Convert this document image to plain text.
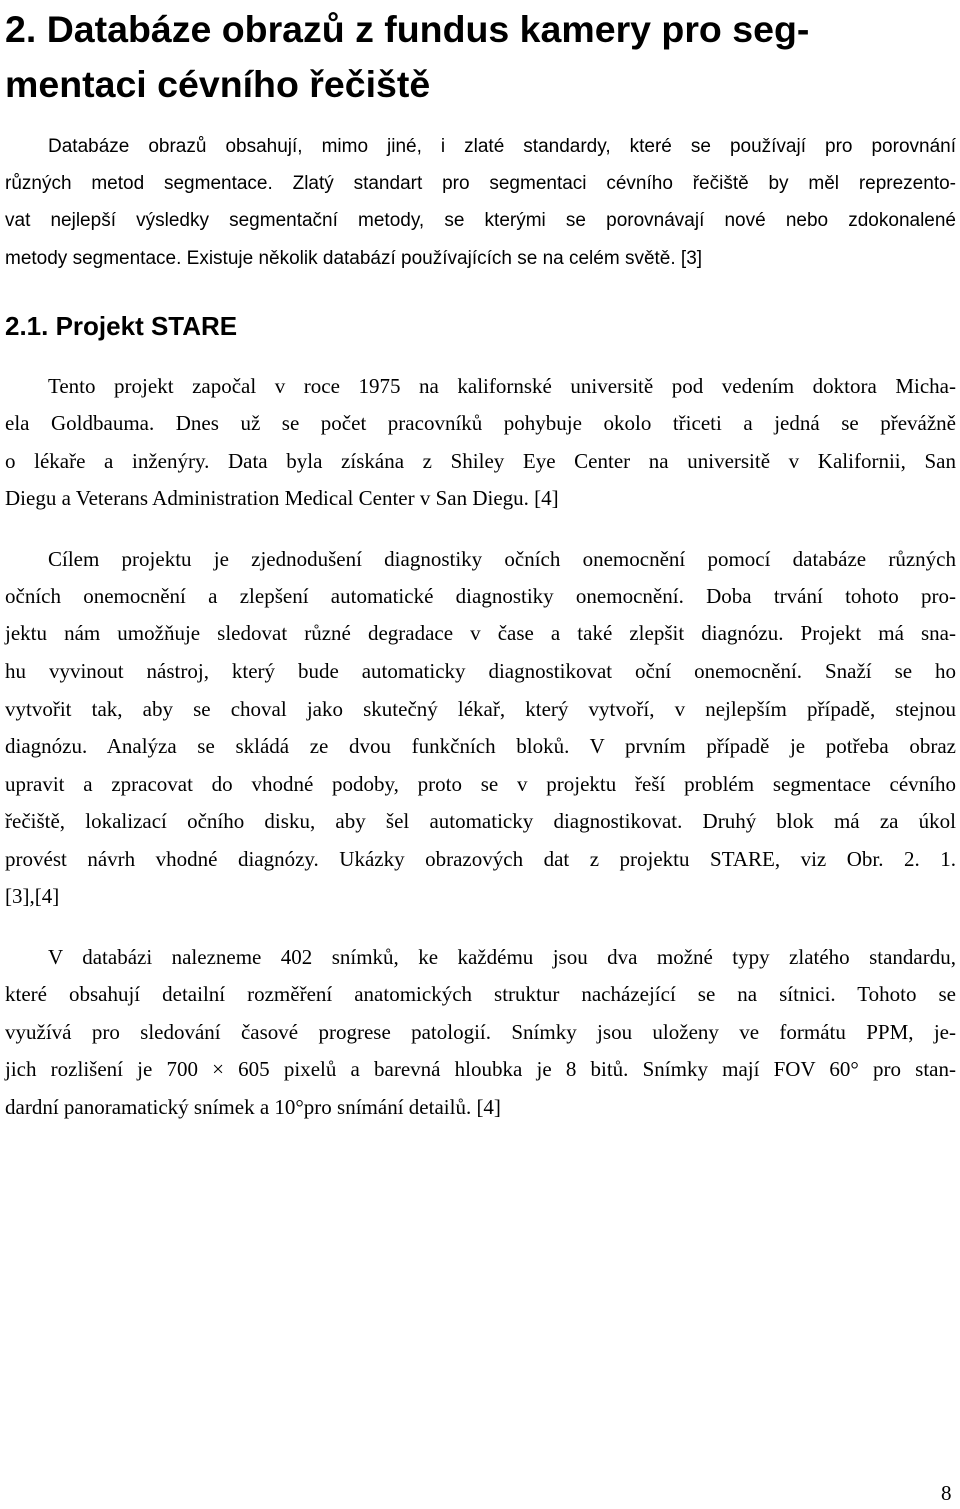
2. Databáze obrazů z fundus kamery pro seg-
mentaci cévního řečiště
Databáze obrazů obsahují, mimo jiné, i zlaté standardy, které se používají pro porovnání
různých metod segmentace. Zlatý standart pro segmentaci cévního řečiště by měl reprezento-
vat nejlepší výsledky segmentační metody, se kterými se porovnávají nové nebo zdokonalené
metody segmentace. Existuje několik databází používajících se na celém světě. [3]
2.1. Projekt STARE
Tento projekt započal v roce 1975 na kalifornské universitě pod vedením doktora Micha-
ela Goldbauma. Dnes už se počet pracovníků pohybuje okolo třiceti a jedná se převážně
o lékaře a inženýry. Data byla získána z Shiley Eye Center na universitě v Kalifornii, San
Diegu a Veterans Administration Medical Center v San Diegu. [4]
Cílem projektu je zjednodušení diagnostiky očních onemocnění pomocí databáze různých
očních onemocnění a zlepšení automatické diagnostiky onemocnění. Doba trvání tohoto pro-
jektu nám umožňuje sledovat různé degradace v čase a také zlepšit diagnózu. Projekt má sna-
hu vyvinout nástroj, který bude automaticky diagnostikovat oční onemocnění. Snaží se ho
vytvořit tak, aby se choval jako skutečný lékař, který vytvoří, v nejlepším případě, stejnou
diagnózu. Analýza se skládá ze dvou funkčních bloků. V prvním případě je potřeba obraz
upravit a zpracovat do vhodné podoby, proto se v projektu řeší problém segmentace cévního
řečiště, lokalizací očního disku, aby šel automaticky diagnostikovat. Druhý blok má za úkol
provést návrh vhodné diagnózy. Ukázky obrazových dat z projektu STARE, viz Obr. 2. 1.
[3],[4]
V databázi nalezneme 402 snímků, ke každému jsou dva možné typy zlatého standardu,
které obsahují detailní rozměření anatomických struktur nacházející se na sítnici. Tohoto se
využívá pro sledování časové progrese patologií. Snímky jsou uloženy ve formátu PPM, je-
jich rozlišení je 700 × 605 pixelů a barevná hloubka je 8 bitů. Snímky mají FOV 60° pro stan-
dardní panoramatický snímek a 10°pro snímání detailů. [4]
8
